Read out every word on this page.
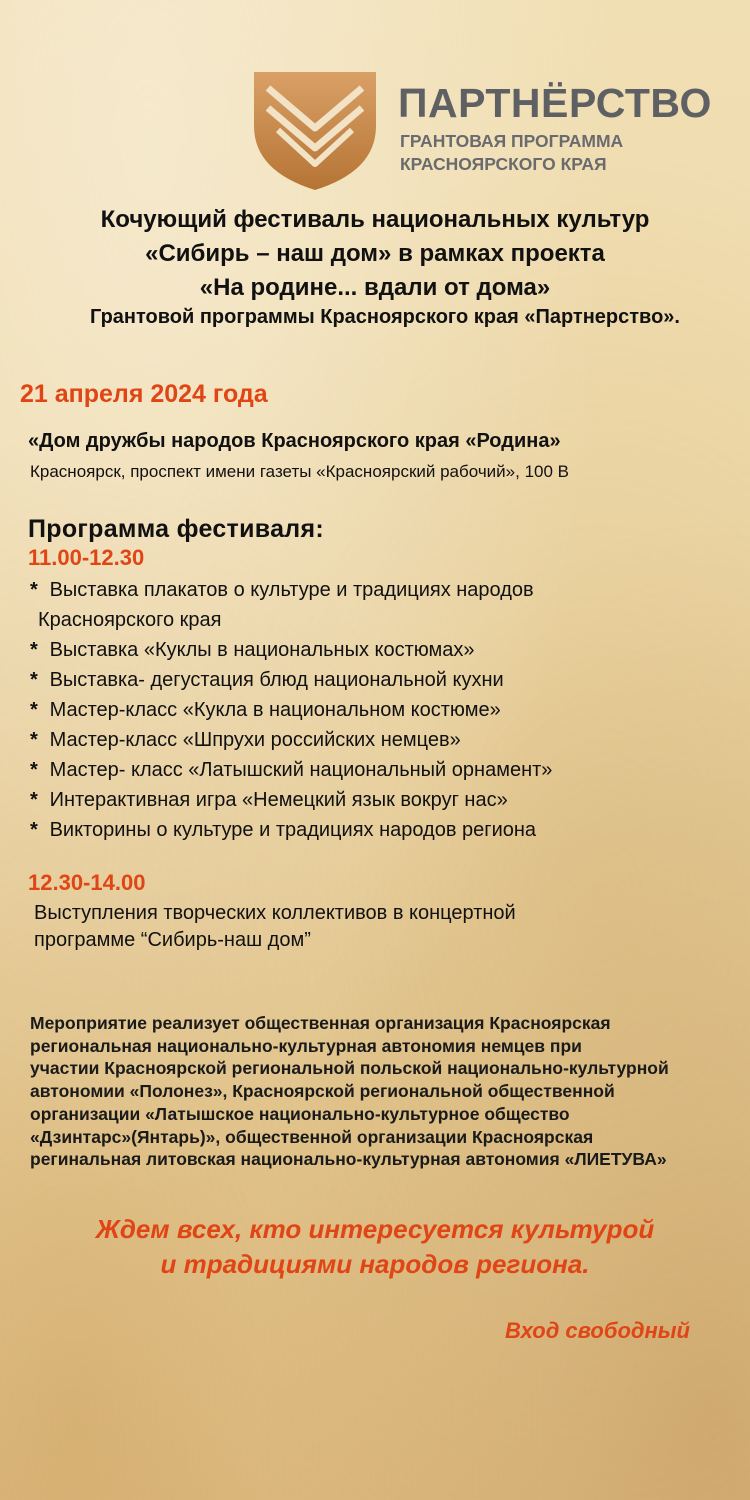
ПАРТНЁРСТВО
ГРАНТОВАЯ ПРОГРАММА
КРАСНОЯРСКОГО КРАЯ
Кочующий фестиваль национальных культур
«Сибирь – наш дом» в рамках проекта
«На родине... вдали от дома»
Грантовой программы Красноярского края «Партнерство».
21 апреля 2024 года
«Дом дружбы народов Красноярского края «Родина»
Красноярск, проспект имени газеты «Красноярский рабочий», 100 В
Программа фестиваля:
11.00-12.30
* Выставка плакатов о культуре и традициях народов
Красноярского края
* Выставка «Куклы в национальных костюмах»
* Выставка- дегустация блюд национальной кухни
* Мастер-класс «Кукла в национальном костюме»
* Мастер-класс «Шпрухи российских немцев»
* Мастер- класс «Латышский национальный орнамент»
* Интерактивная игра «Немецкий язык вокруг нас»
* Викторины о культуре и традициях народов региона
12.30-14.00
Выступления творческих коллективов в концертной
программе “Сибирь-наш дом”
Мероприятие реализует общественная организация Красноярская
региональная национально-культурная автономия немцев при
участии Красноярской региональной польской национально-культурной
автономии «Полонез», Красноярской региональной общественной
организации «Латышское национально-культурное общество
«Дзинтарс»(Янтарь)», общественной организации Красноярская
регинальная литовская национально-культурная автономия «ЛИЕТУВА»
Ждем всех, кто интересуется культурой
и традициями народов региона.
Вход свободный
